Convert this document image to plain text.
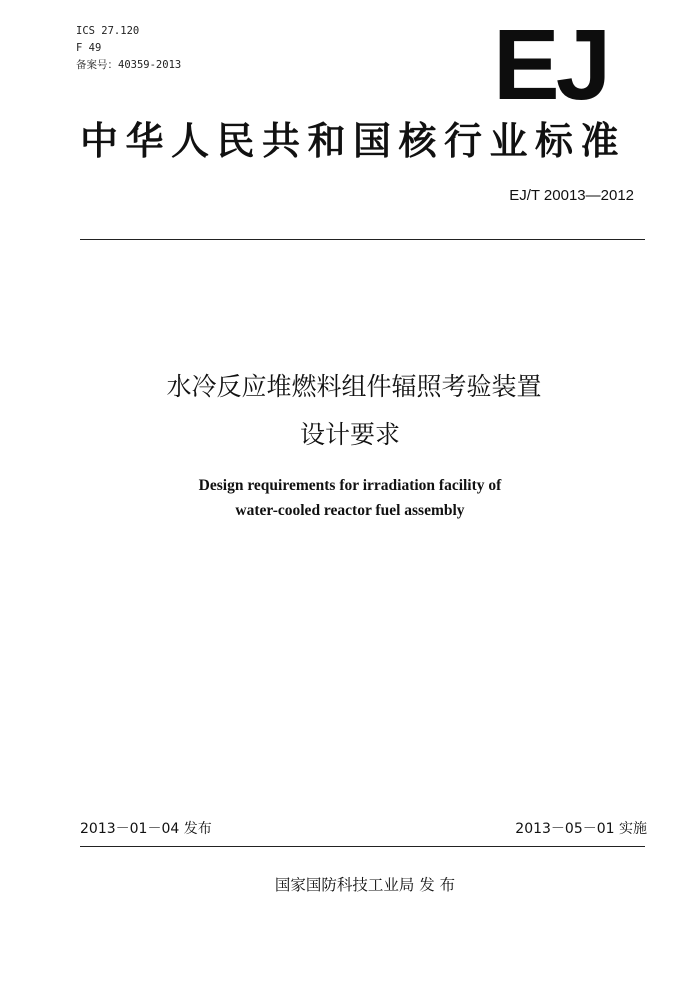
ICS 27.120
F 49
备案号：40359-2013	EJ
中华人民共和国核行业标准
EJ/T 20013—2012
水冷反应堆燃料组件辐照考验装置
设计要求
Design requirements for irradiation facility of
water-cooled reactor fuel assembly
2013－01－04 发布	2013－05－01 实施
国家国防科技工业局 发 布
